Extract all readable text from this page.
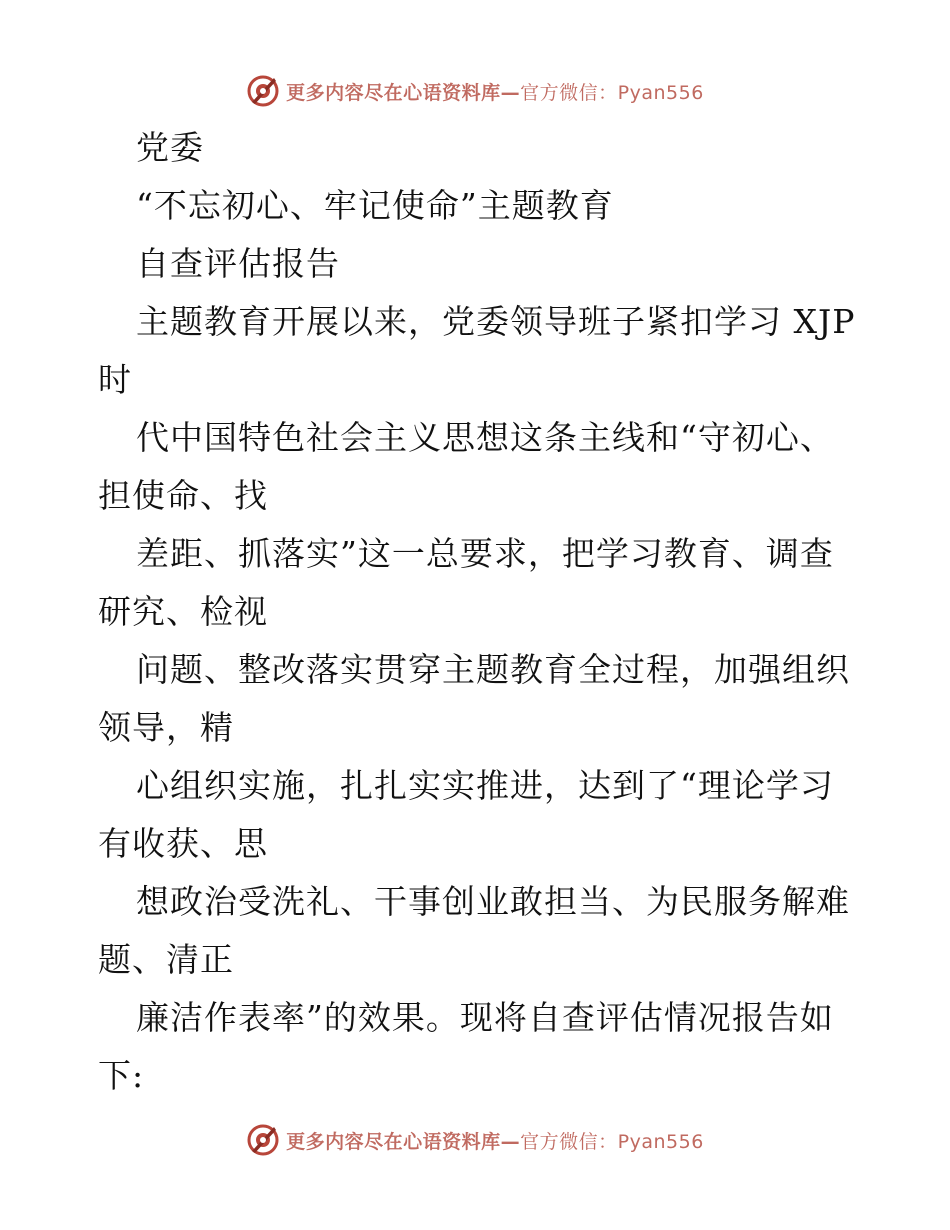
更多内容尽在心语资料库—官方微信：Pyan556
党委
“不忘初心、牢记使命”主题教育
自查评估报告
主题教育开展以来，党委领导班子紧扣学习 XJP
时
代中国特色社会主义思想这条主线和“守初心、
担使命、找
差距、抓落实”这一总要求，把学习教育、调查
研究、检视
问题、整改落实贯穿主题教育全过程，加强组织
领导，精
心组织实施，扎扎实实推进，达到了“理论学习
有收获、思
想政治受洗礼、干事创业敢担当、为民服务解难
题、清正
廉洁作表率”的效果。现将自查评估情况报告如
下:
更多内容尽在心语资料库—官方微信：Pyan556
